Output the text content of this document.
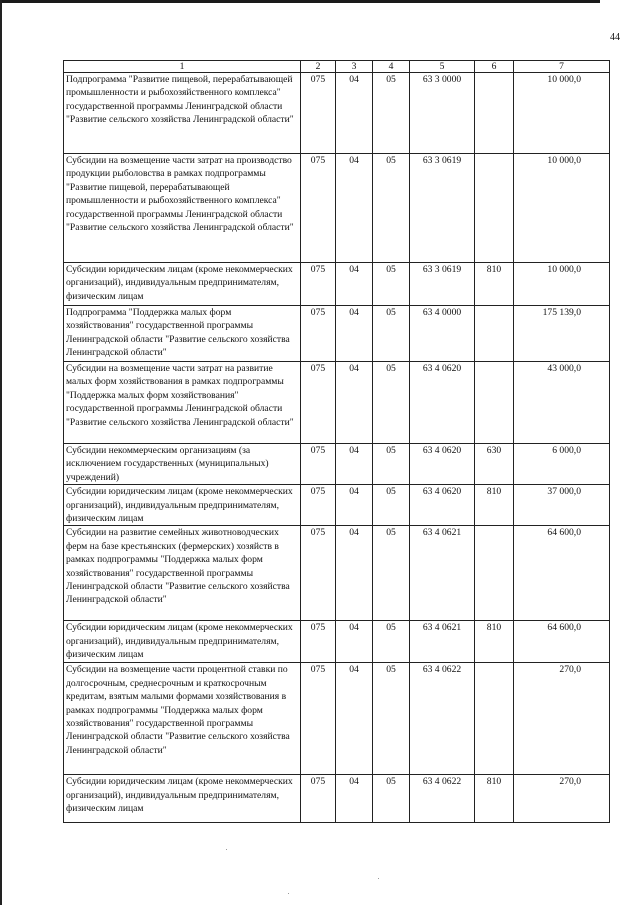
44
1	2	3	4	5	6	7
Подпрограмма "Развитие пищевой, перерабатывающей промышленности и рыбохозяйственного комплекса" государственной программы Ленинградской области "Развитие сельского хозяйства Ленинградской области"	075	04	05	63 3 0000		10 000,0
Субсидии на возмещение части затрат на производство продукции рыболовства в рамках подпрограммы "Развитие пищевой, перерабатывающей промышленности и рыбохозяйственного комплекса" государственной программы Ленинградской области "Развитие сельского хозяйства Ленинградской области"	075	04	05	63 3 0619		10 000,0
Субсидии юридическим лицам (кроме некоммерческих организаций), индивидуальным предпринимателям, физическим лицам	075	04	05	63 3 0619	810	10 000,0
Подпрограмма "Поддержка малых форм хозяйствования" государственной программы Ленинградской области "Развитие сельского хозяйства Ленинградской области"	075	04	05	63 4 0000		175 139,0
Субсидии на возмещение части затрат на развитие малых форм хозяйствования в рамках подпрограммы "Поддержка малых форм хозяйствования" государственной программы Ленинградской области "Развитие сельского хозяйства Ленинградской области"	075	04	05	63 4 0620		43 000,0
Субсидии некоммерческим организациям (за исключением государственных (муниципальных) учреждений)	075	04	05	63 4 0620	630	6 000,0
Субсидии юридическим лицам (кроме некоммерческих организаций), индивидуальным предпринимателям, физическим лицам	075	04	05	63 4 0620	810	37 000,0
Субсидии на развитие семейных животноводческих ферм на базе крестьянских (фермерских) хозяйств в рамках подпрограммы "Поддержка малых форм хозяйствования" государственной программы Ленинградской области "Развитие сельского хозяйства Ленинградской области"	075	04	05	63 4 0621		64 600,0
Субсидии юридическим лицам (кроме некоммерческих организаций), индивидуальным предпринимателям, физическим лицам	075	04	05	63 4 0621	810	64 600,0
Субсидии на возмещение части процентной ставки по долгосрочным, среднесрочным и краткосрочным кредитам, взятым малыми формами хозяйствования в рамках подпрограммы "Поддержка малых форм хозяйствования" государственной программы Ленинградской области "Развитие сельского хозяйства Ленинградской области"	075	04	05	63 4 0622		270,0
Субсидии юридическим лицам (кроме некоммерческих организаций), индивидуальным предпринимателям, физическим лицам	075	04	05	63 4 0622	810	270,0
